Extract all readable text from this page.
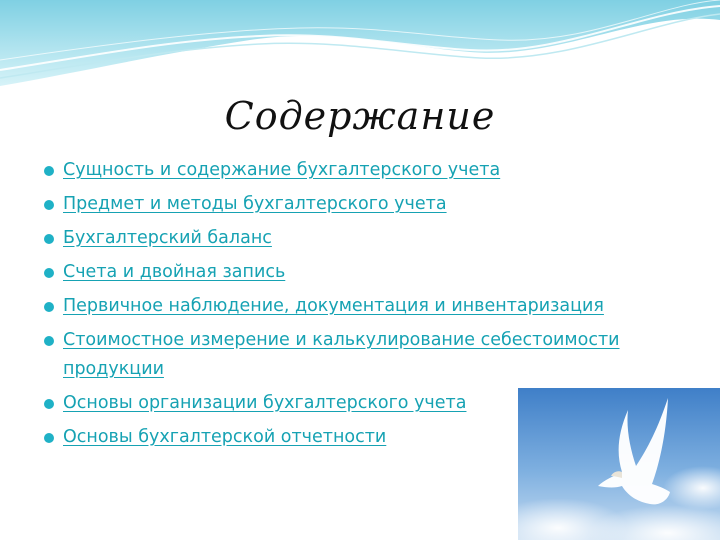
Содержание
Сущность и содержание бухгалтерского учета
Предмет и методы бухгалтерского учета
Бухгалтерский баланс
Счета и двойная запись
Первичное наблюдение, документация и инвентаризация
Стоимостное измерение и калькулирование себестоимости продукции
Основы организации бухгалтерского учета
Основы бухгалтерской отчетности
